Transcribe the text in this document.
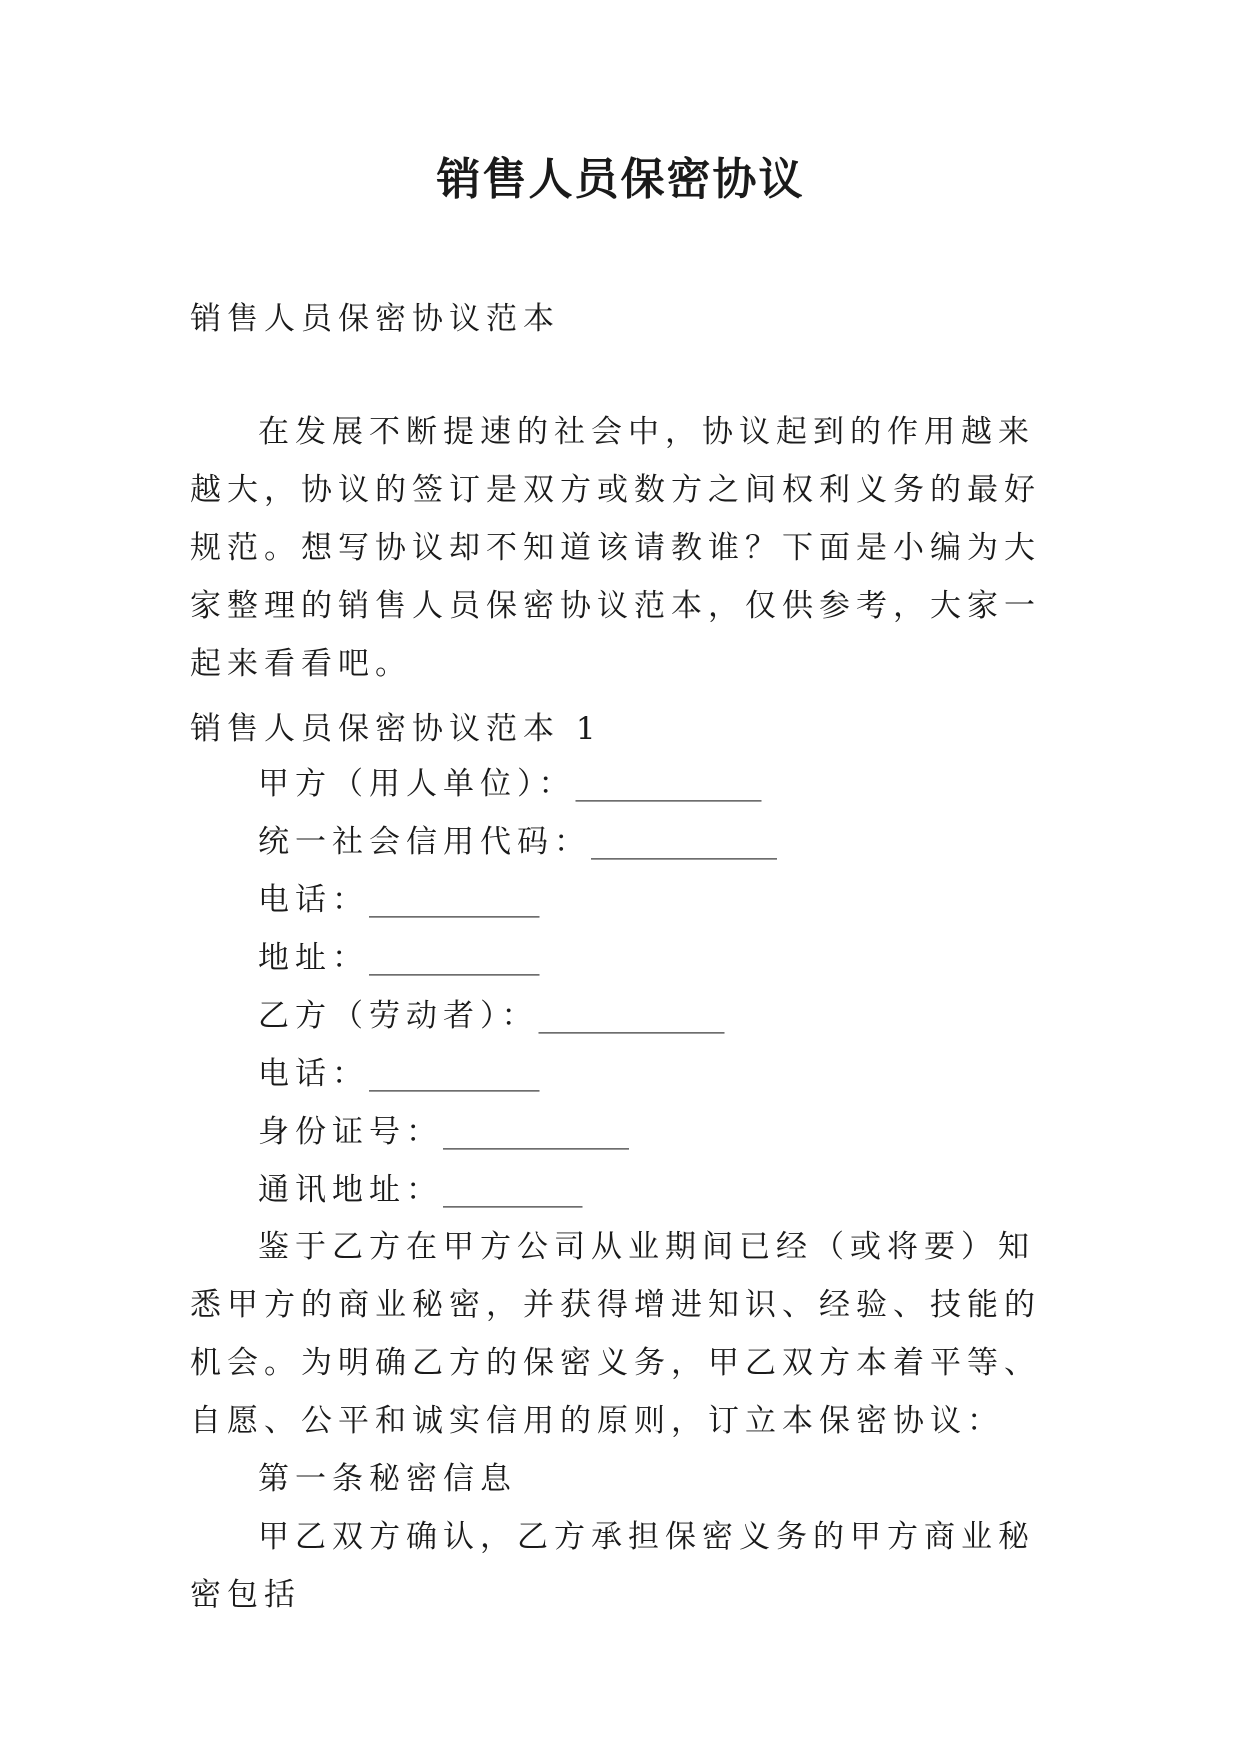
销售人员保密协议

销售人员保密协议范本

在发展不断提速的社会中，协议起到的作用越来越大，协议的签订是双方或数方之间权利义务的最好规范。想写协议却不知道该请教谁？下面是小编为大家整理的销售人员保密协议范本，仅供参考，大家一起来看看吧。

销售人员保密协议范本 1

甲方（用人单位）：____________
统一社会信用代码：____________
电话：___________
地址：___________
乙方（劳动者）：____________
电话：___________
身份证号：____________
通讯地址：_________

鉴于乙方在甲方公司从业期间已经（或将要）知悉甲方的商业秘密，并获得增进知识、经验、技能的机会。为明确乙方的保密义务，甲乙双方本着平等、自愿、公平和诚实信用的原则，订立本保密协议：

第一条秘密信息

甲乙双方确认，乙方承担保密义务的甲方商业秘密包括
